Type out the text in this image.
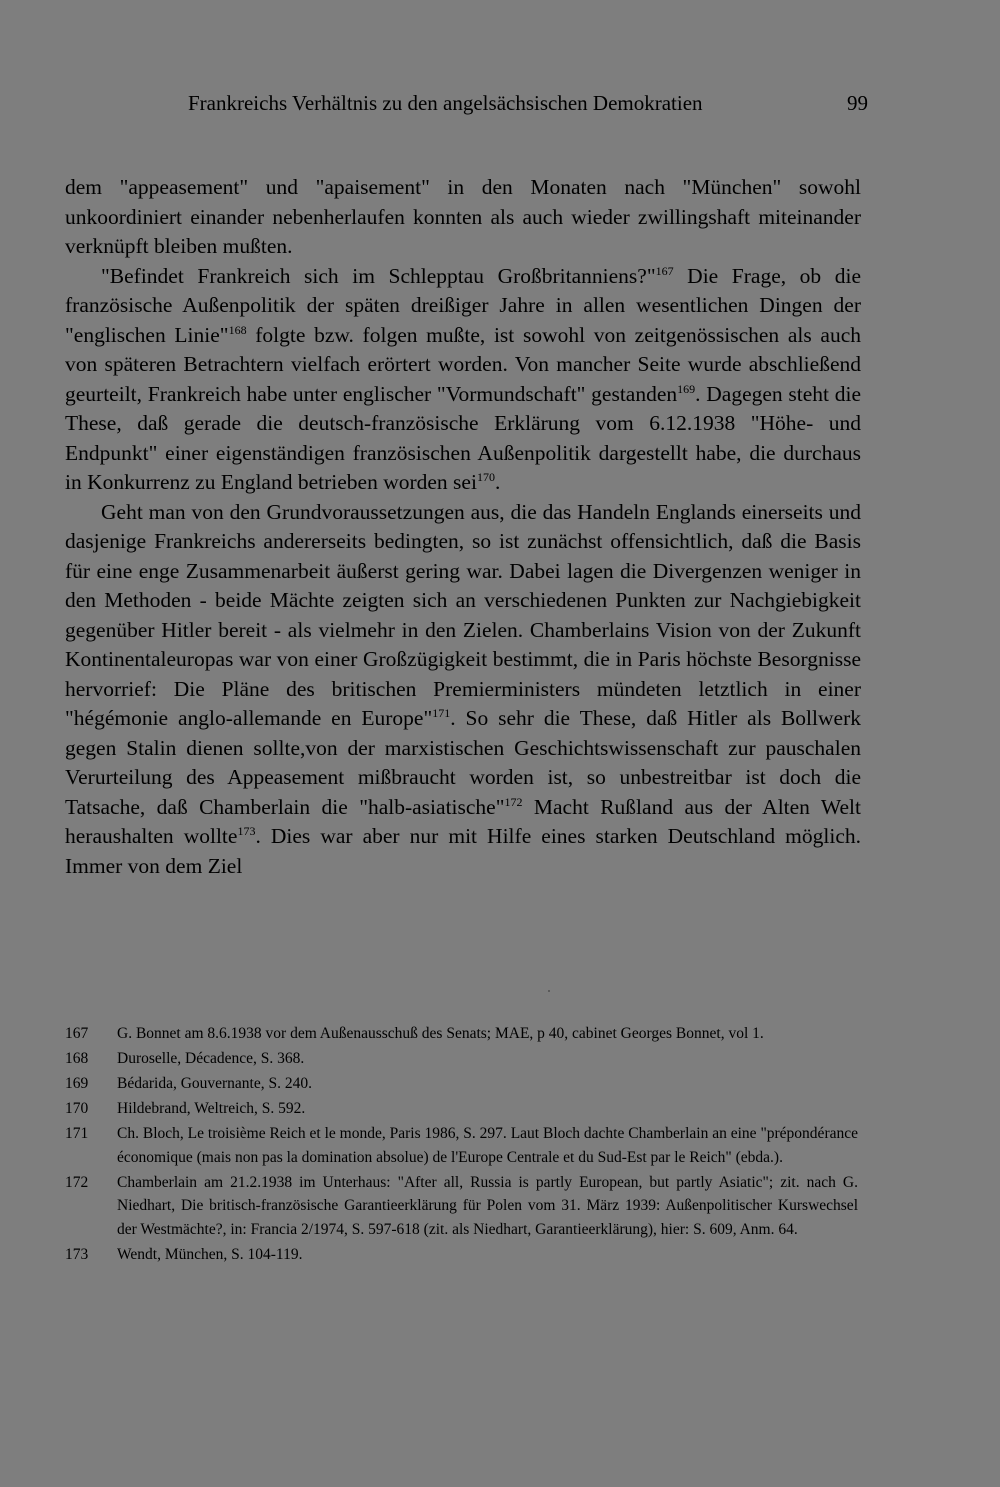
Frankreichs Verhältnis zu den angelsächsischen Demokratien	99

dem "appeasement" und "apaisement" in den Monaten nach "München" sowohl unkoordiniert einander nebenherlaufen konnten als auch wieder zwillingshaft miteinander verknüpft bleiben mußten.

"Befindet Frankreich sich im Schlepptau Großbritanniens?"$^{167}$ Die Frage, ob die französische Außenpolitik der späten dreißiger Jahre in allen wesentlichen Dingen der "englischen Linie"$^{168}$ folgte bzw. folgen mußte, ist sowohl von zeitgenössischen als auch von späteren Betrachtern vielfach erörtert worden. Von mancher Seite wurde abschließend geurteilt, Frankreich habe unter englischer "Vormundschaft" gestanden$^{169}$. Dagegen steht die These, daß gerade die deutsch-französische Erklärung vom 6.12.1938 "Höhe- und Endpunkt" einer eigenständigen französischen Außenpolitik dargestellt habe, die durchaus in Konkurrenz zu England betrieben worden sei$^{170}$.

Geht man von den Grundvoraussetzungen aus, die das Handeln Englands einerseits und dasjenige Frankreichs andererseits bedingten, so ist zunächst offensichtlich, daß die Basis für eine enge Zusammenarbeit äußerst gering war. Dabei lagen die Divergenzen weniger in den Methoden - beide Mächte zeigten sich an verschiedenen Punkten zur Nachgiebigkeit gegenüber Hitler bereit - als vielmehr in den Zielen. Chamberlains Vision von der Zukunft Kontinentaleuropas war von einer Großzügigkeit bestimmt, die in Paris höchste Besorgnisse hervorrief: Die Pläne des britischen Premierministers mündeten letztlich in einer "hégémonie anglo-allemande en Europe"$^{171}$. So sehr die These, daß Hitler als Bollwerk gegen Stalin dienen sollte,von der marxistischen Geschichtswissenschaft zur pauschalen Verurteilung des Appeasement mißbraucht worden ist, so unbestreitbar ist doch die Tatsache, daß Chamberlain die "halb-asiatische"$^{172}$ Macht Rußland aus der Alten Welt heraushalten wollte$^{173}$. Dies war aber nur mit Hilfe eines starken Deutschland möglich. Immer von dem Ziel

167	G. Bonnet am 8.6.1938 vor dem Außenausschuß des Senats; MAE, p 40, cabinet Georges Bonnet, vol 1.
168	Duroselle, Décadence, S. 368.
169	Bédarida, Gouvernante, S. 240.
170	Hildebrand, Weltreich, S. 592.
171	Ch. Bloch, Le troisième Reich et le monde, Paris 1986, S. 297. Laut Bloch dachte Chamberlain an eine "prépondérance économique (mais non pas la domination absolue) de l'Europe Centrale et du Sud-Est par le Reich" (ebda.).
172	Chamberlain am 21.2.1938 im Unterhaus: "After all, Russia is partly European, but partly Asiatic"; zit. nach G. Niedhart, Die britisch-französische Garantieerklärung für Polen vom 31. März 1939: Außenpolitischer Kurswechsel der Westmächte?, in: Francia 2/1974, S. 597-618 (zit. als Niedhart, Garantieerklärung), hier: S. 609, Anm. 64.
173	Wendt, München, S. 104-119.
